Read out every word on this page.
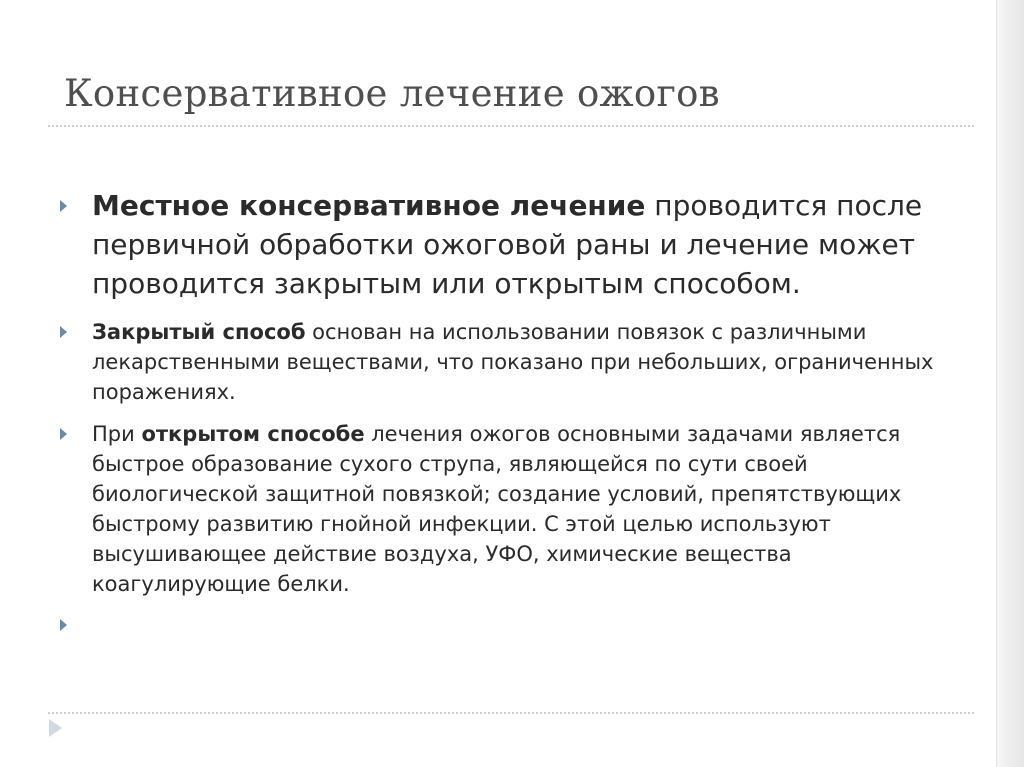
Консервативное лечение ожогов
Местное консервативное лечение проводится после первичной обработки ожоговой раны и лечение может проводится закрытым или открытым способом.
Закрытый способ основан на использовании повязок с различными лекарственными веществами, что показано при небольших, ограниченных поражениях.
При открытом способе лечения ожогов основными задачами является быстрое образование сухого струпа, являющейся по сути своей биологической защитной повязкой; создание условий, препятствующих быстрому развитию гнойной инфекции. С этой целью используют высушивающее действие воздуха, УФО, химические вещества коагулирующие белки.
